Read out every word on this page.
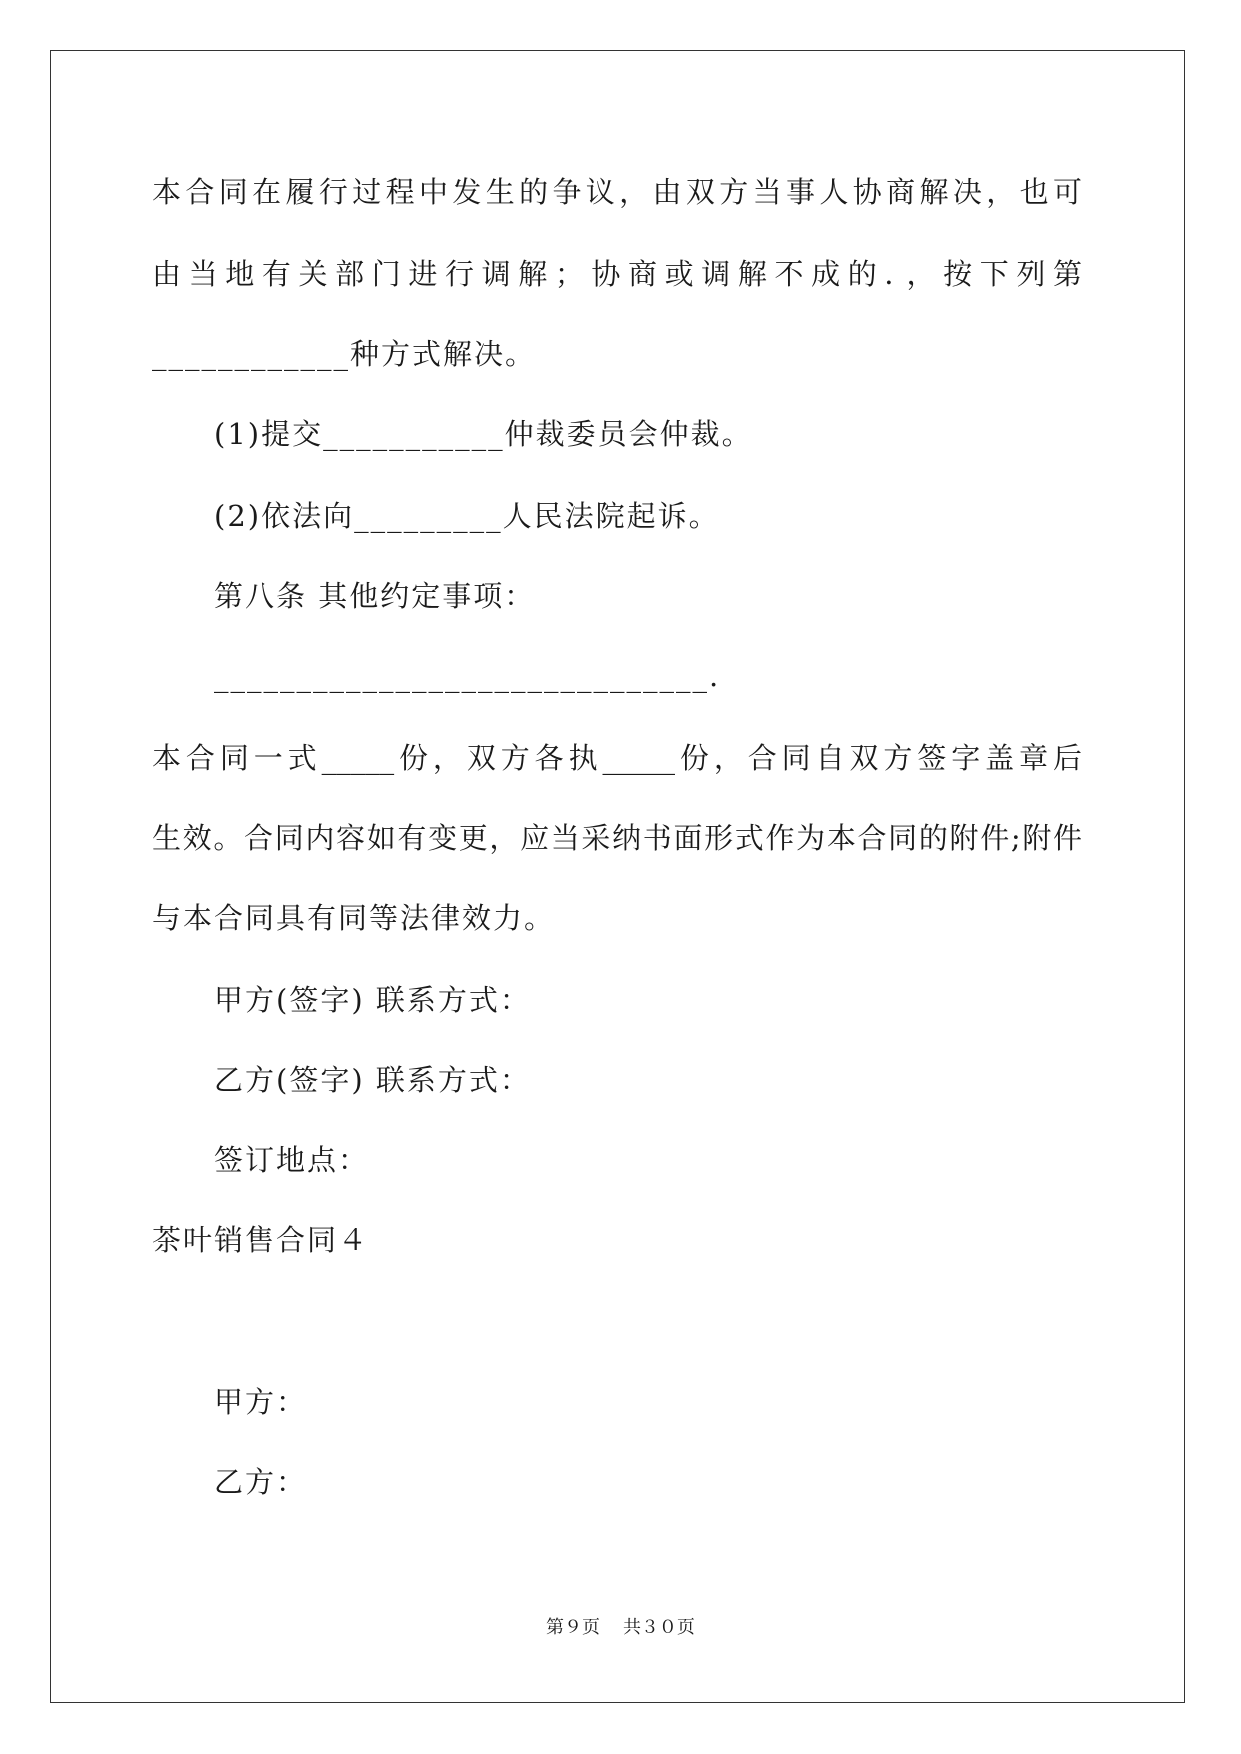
本合同在履行过程中发生的争议，由双方当事人协商解决，也可
由当地有关部门进行调解；协商或调解不成的．，按下列第
____________种方式解决。
(1)提交___________仲裁委员会仲裁。
(2)依法向_________人民法院起诉。
第八条 其他约定事项：
______________________________.
本合同一式_____份，双方各执_____份，合同自双方签字盖章后
生效。合同内容如有变更，应当采纳书面形式作为本合同的附件;附件
与本合同具有同等法律效力。
甲方(签字) 联系方式：
乙方(签字) 联系方式：
签订地点：
茶叶销售合同４
甲方：
乙方：
第９页 共３０页
